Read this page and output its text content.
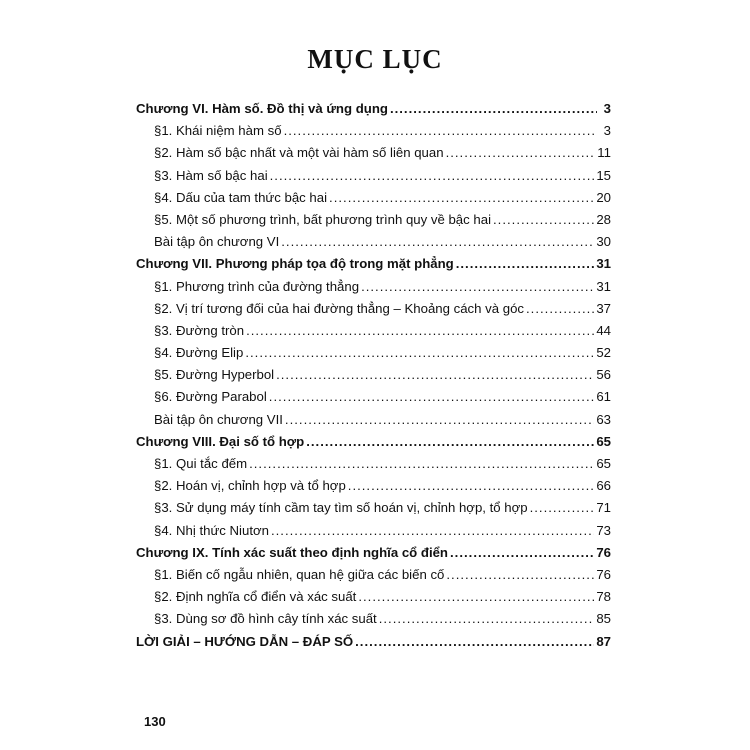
MỤC LỤC
Chương VI. Hàm số. Đồ thị và ứng dụng .....	3
§1. Khái niệm hàm số .....	3
§2. Hàm số bậc nhất và một vài hàm số liên quan .....	11
§3. Hàm số bậc hai .....	15
§4. Dấu của tam thức bậc hai .....	20
§5. Một số phương trình, bất phương trình quy về bậc hai .....	28
Bài tập ôn chương VI .....	30
Chương VII. Phương pháp tọa độ trong mặt phẳng .....	31
§1. Phương trình của đường thẳng .....	31
§2. Vị trí tương đối của hai đường thẳng – Khoảng cách và góc .....	37
§3. Đường tròn .....	44
§4. Đường Elip .....	52
§5. Đường Hyperbol .....	56
§6. Đường Parabol .....	61
Bài tập ôn chương VII .....	63
Chương VIII. Đại số tổ hợp .....	65
§1. Qui tắc đếm .....	65
§2. Hoán vị, chỉnh hợp và tổ hợp .....	66
§3. Sử dụng máy tính cầm tay tìm số hoán vị, chỉnh hợp, tổ hợp .....	71
§4. Nhị thức Niutơn .....	73
Chương IX. Tính xác suất theo định nghĩa cổ điển .....	76
§1. Biến cố ngẫu nhiên, quan hệ giữa các biến cố .....	76
§2. Định nghĩa cổ điển và xác suất .....	78
§3. Dùng sơ đồ hình cây tính xác suất .....	85
LỜI GIẢI – HƯỚNG DẪN – ĐÁP SỐ .....	87
130
